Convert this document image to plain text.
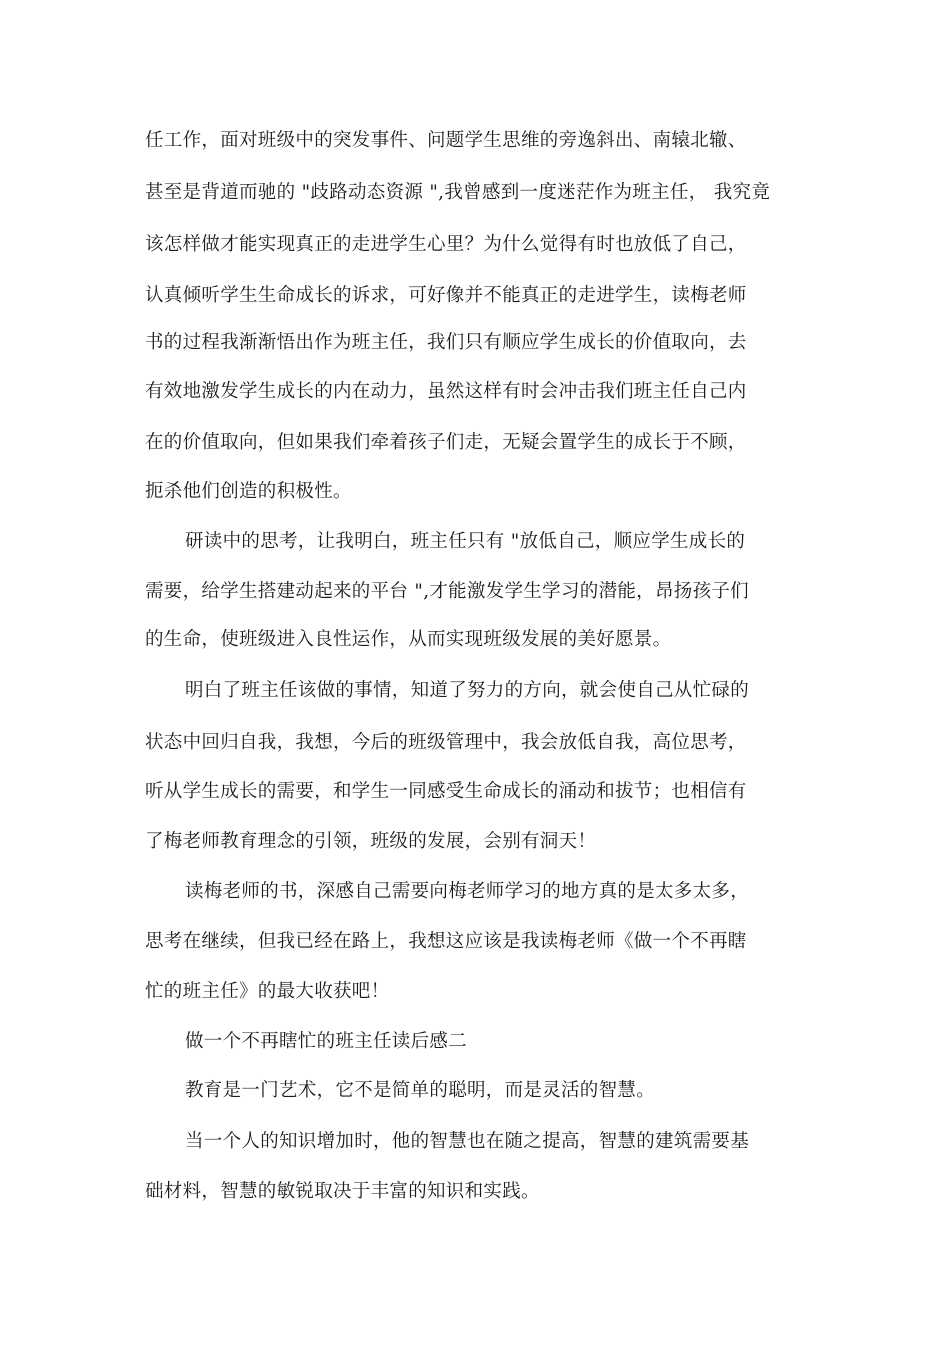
任工作，面对班级中的突发事件、问题学生思维的旁逸斜出、南辕北辙、
甚至是背道而驰的 "歧路动态资源 ",我曾感到一度迷茫作为班主任， 我究竟
该怎样做才能实现真正的走进学生心里？为什么觉得有时也放低了自己，
认真倾听学生生命成长的诉求，可好像并不能真正的走进学生，读梅老师
书的过程我渐渐悟出作为班主任，我们只有顺应学生成长的价值取向，去
有效地激发学生成长的内在动力，虽然这样有时会冲击我们班主任自己内
在的价值取向，但如果我们牵着孩子们走，无疑会置学生的成长于不顾，
扼杀他们创造的积极性。
研读中的思考，让我明白，班主任只有 "放低自己，顺应学生成长的
需要，给学生搭建动起来的平台 ",才能激发学生学习的潜能，昂扬孩子们
的生命，使班级进入良性运作，从而实现班级发展的美好愿景。
明白了班主任该做的事情，知道了努力的方向，就会使自己从忙碌的
状态中回归自我，我想，今后的班级管理中，我会放低自我，高位思考，
听从学生成长的需要，和学生一同感受生命成长的涌动和拔节；也相信有
了梅老师教育理念的引领，班级的发展，会别有洞天！
读梅老师的书，深感自己需要向梅老师学习的地方真的是太多太多，
思考在继续，但我已经在路上，我想这应该是我读梅老师《做一个不再瞎
忙的班主任》的最大收获吧！
做一个不再瞎忙的班主任读后感二
教育是一门艺术，它不是简单的聪明，而是灵活的智慧。
当一个人的知识增加时，他的智慧也在随之提高，智慧的建筑需要基
础材料，智慧的敏锐取决于丰富的知识和实践。
